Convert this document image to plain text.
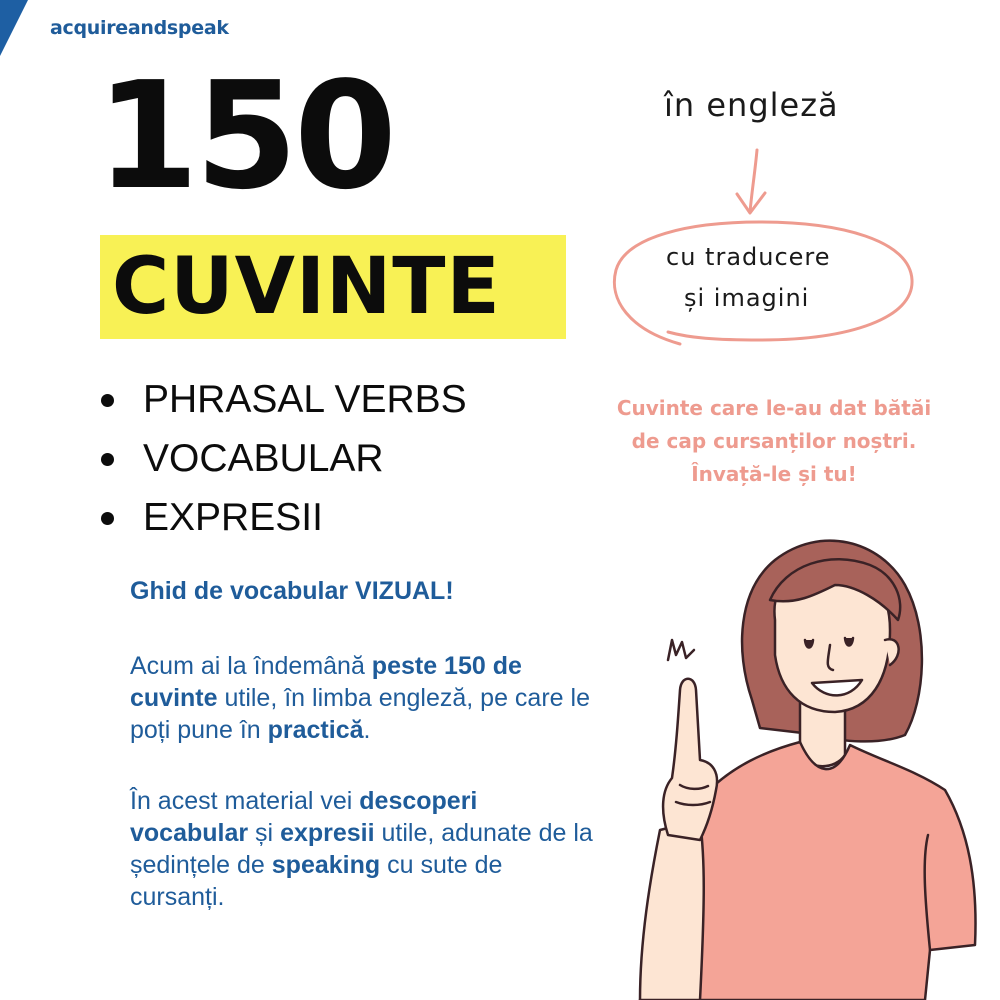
acquireandspeak
150
CUVINTE
PHRASAL VERBS
VOCABULAR
EXPRESII
în engleză
cu traducere
și imagini
Cuvinte care le-au dat bătăi de cap cursanților noștri. Învață-le și tu!
Ghid de vocabular VIZUAL!
Acum ai la îndemână peste 150 de cuvinte utile, în limba engleză, pe care le poți pune în practică.
În acest material vei descoperi vocabular și expresii utile, adunate de la ședințele de speaking cu sute de cursanți.
